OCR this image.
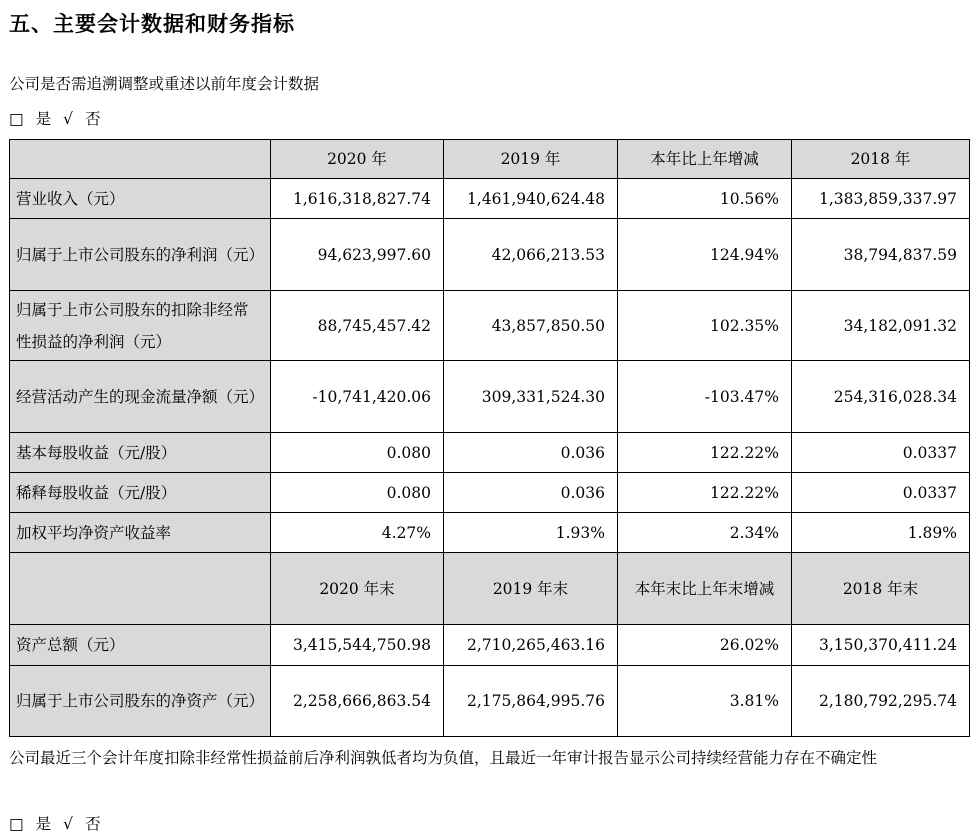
五、主要会计数据和财务指标
公司是否需追溯调整或重述以前年度会计数据
□ 是 √ 否
	2020 年	2019 年	本年比上年增减	2018 年
营业收入（元）	1,616,318,827.74	1,461,940,624.48	10.56%	1,383,859,337.97
归属于上市公司股东的净利润（元）	94,623,997.60	42,066,213.53	124.94%	38,794,837.59
归属于上市公司股东的扣除非经常性损益的净利润（元）	88,745,457.42	43,857,850.50	102.35%	34,182,091.32
经营活动产生的现金流量净额（元）	-10,741,420.06	309,331,524.30	-103.47%	254,316,028.34
基本每股收益（元/股）	0.080	0.036	122.22%	0.0337
稀释每股收益（元/股）	0.080	0.036	122.22%	0.0337
加权平均净资产收益率	4.27%	1.93%	2.34%	1.89%
	2020 年末	2019 年末	本年末比上年末增减	2018 年末
资产总额（元）	3,415,544,750.98	2,710,265,463.16	26.02%	3,150,370,411.24
归属于上市公司股东的净资产（元）	2,258,666,863.54	2,175,864,995.76	3.81%	2,180,792,295.74
公司最近三个会计年度扣除非经常性损益前后净利润孰低者均为负值，且最近一年审计报告显示公司持续经营能力存在不确定性
□ 是 √ 否
